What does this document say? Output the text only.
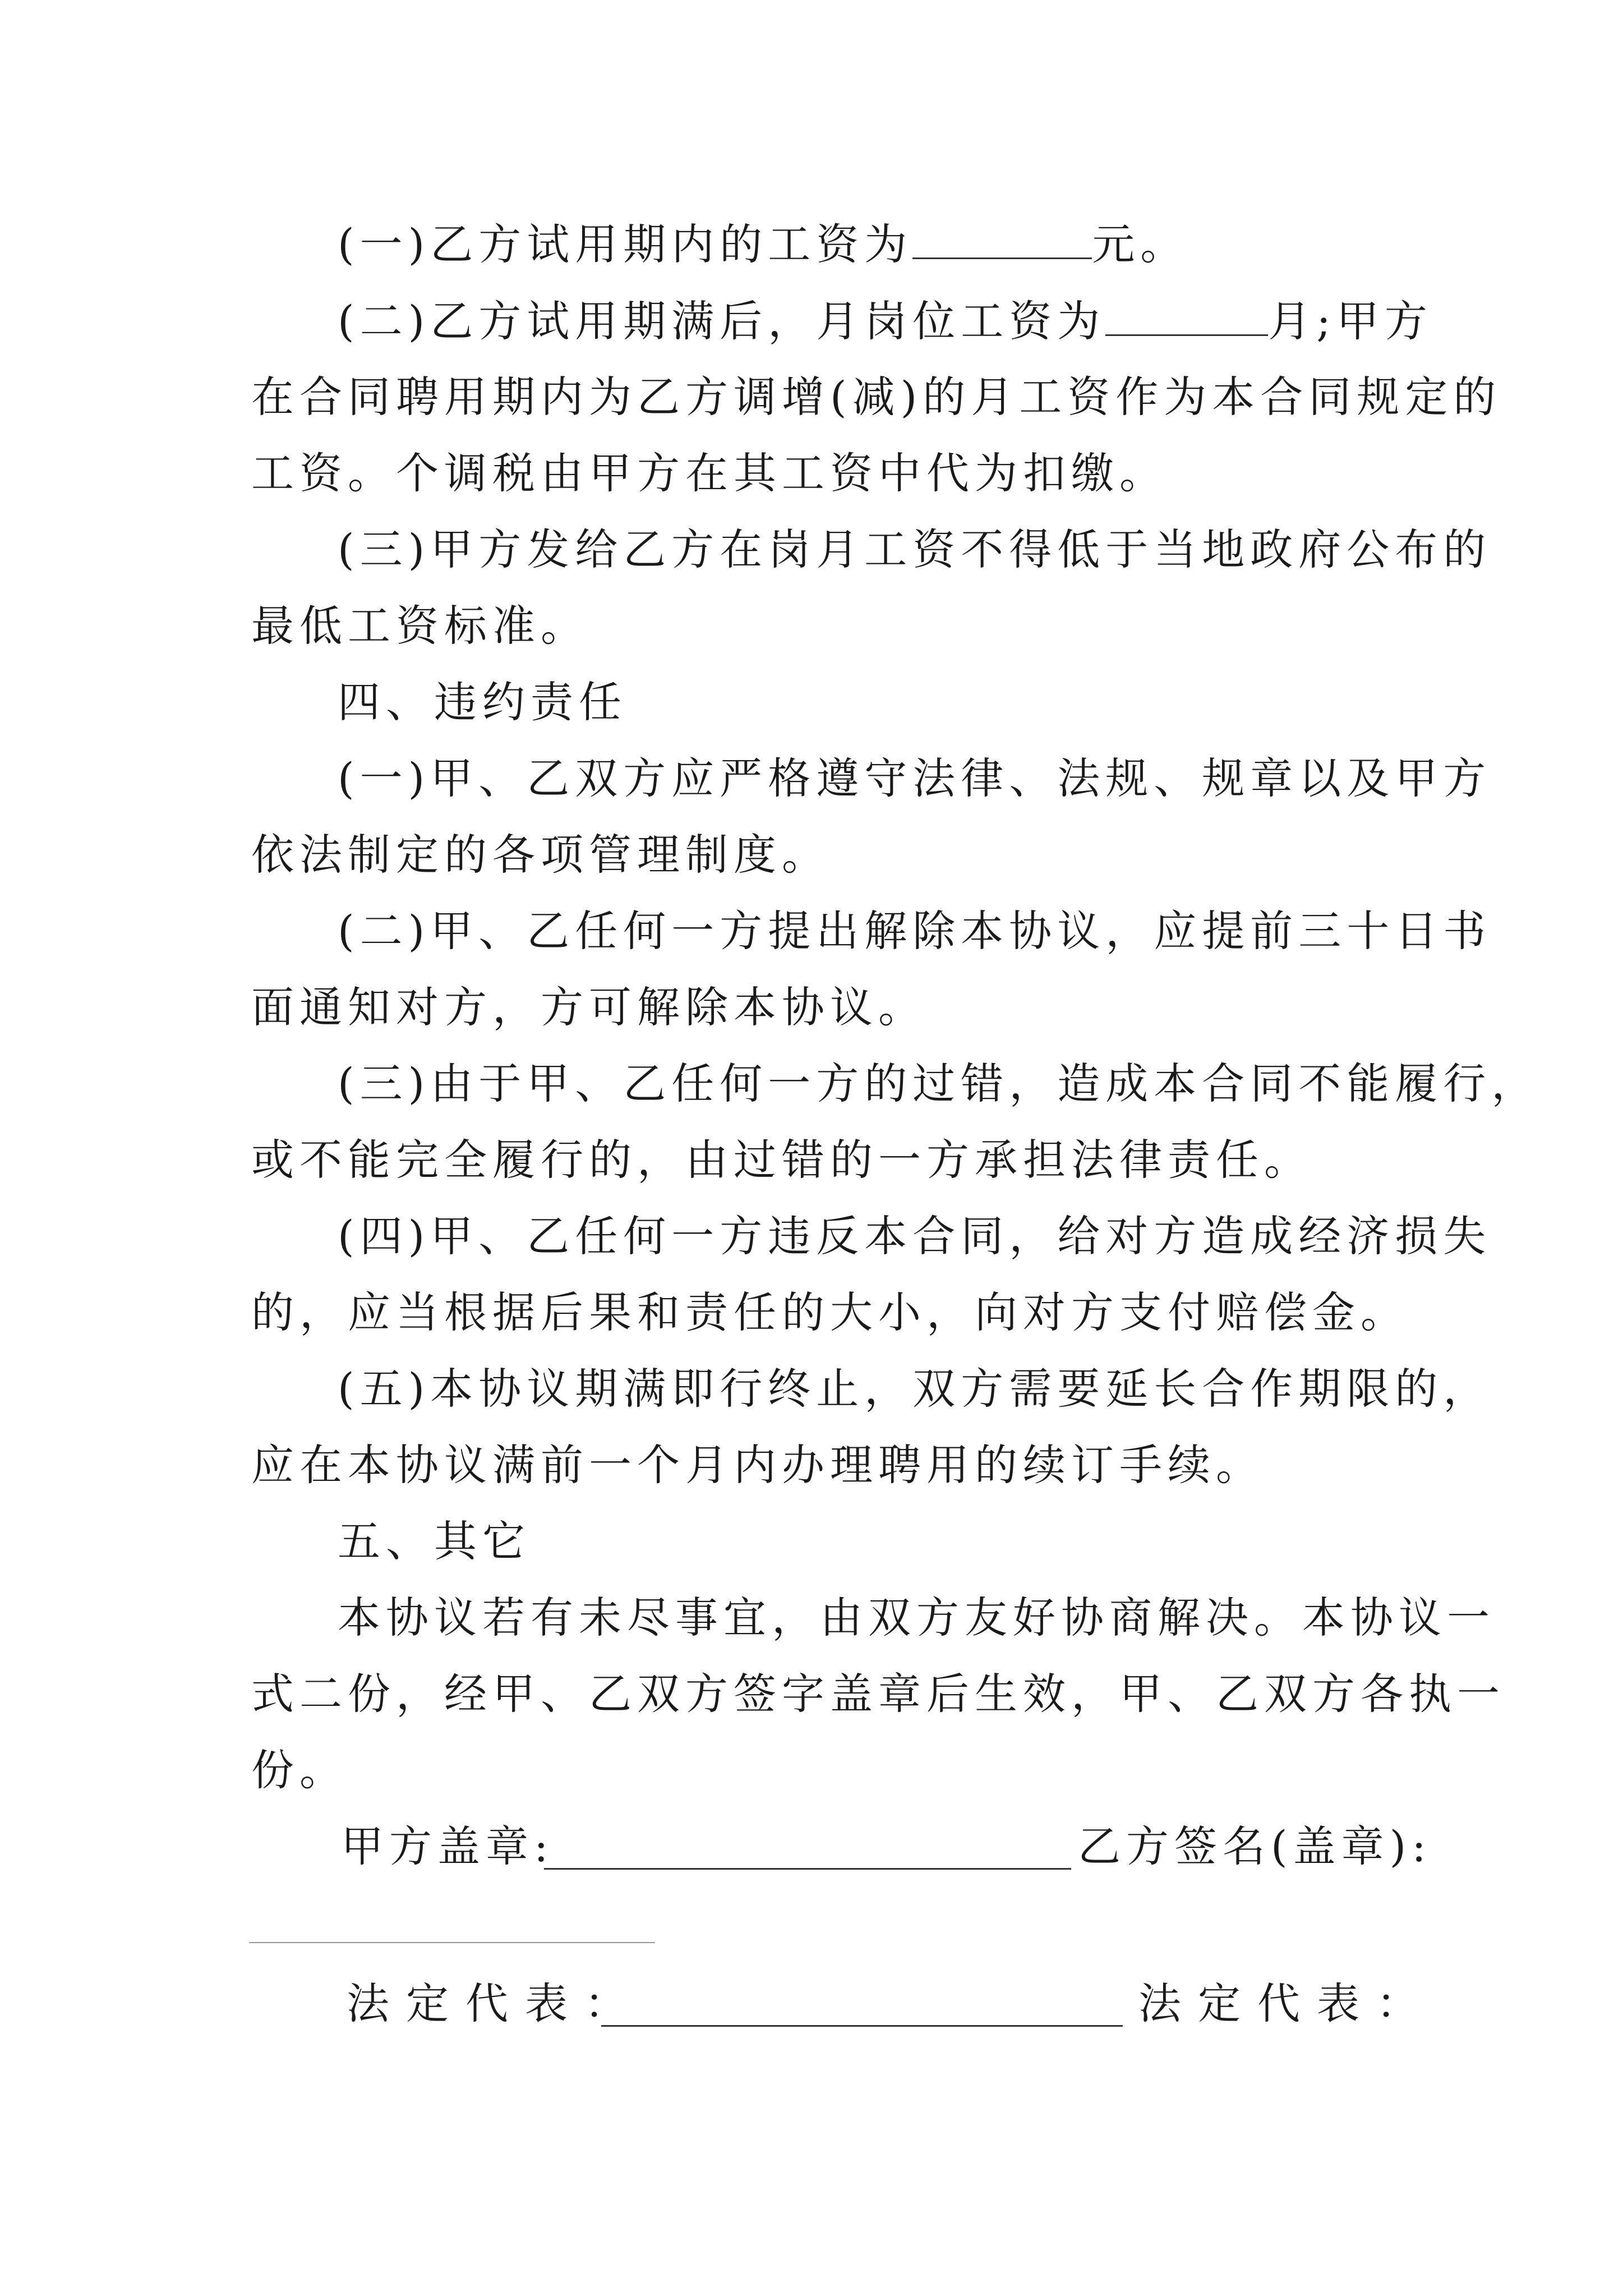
(一)乙方试用期内的工资为	元。
(二)乙方试用期满后，月岗位工资为	月;甲方
在合同聘用期内为乙方调增(减)的月工资作为本合同规定的
工资。个调税由甲方在其工资中代为扣缴。
(三)甲方发给乙方在岗月工资不得低于当地政府公布的
最低工资标准。
四、违约责任
(一)甲、乙双方应严格遵守法律、法规、规章以及甲方
依法制定的各项管理制度。
(二)甲、乙任何一方提出解除本协议，应提前三十日书
面通知对方，方可解除本协议。
(三)由于甲、乙任何一方的过错，造成本合同不能履行，
或不能完全履行的，由过错的一方承担法律责任。
(四)甲、乙任何一方违反本合同，给对方造成经济损失
的，应当根据后果和责任的大小，向对方支付赔偿金。
(五)本协议期满即行终止，双方需要延长合作期限的，
应在本协议满前一个月内办理聘用的续订手续。
五、其它
本协议若有未尽事宜，由双方友好协商解决。本协议一
式二份，经甲、乙双方签字盖章后生效，甲、乙双方各执一
份。
甲方盖章:	乙方签名(盖章):
法定代表：	法定代表：
